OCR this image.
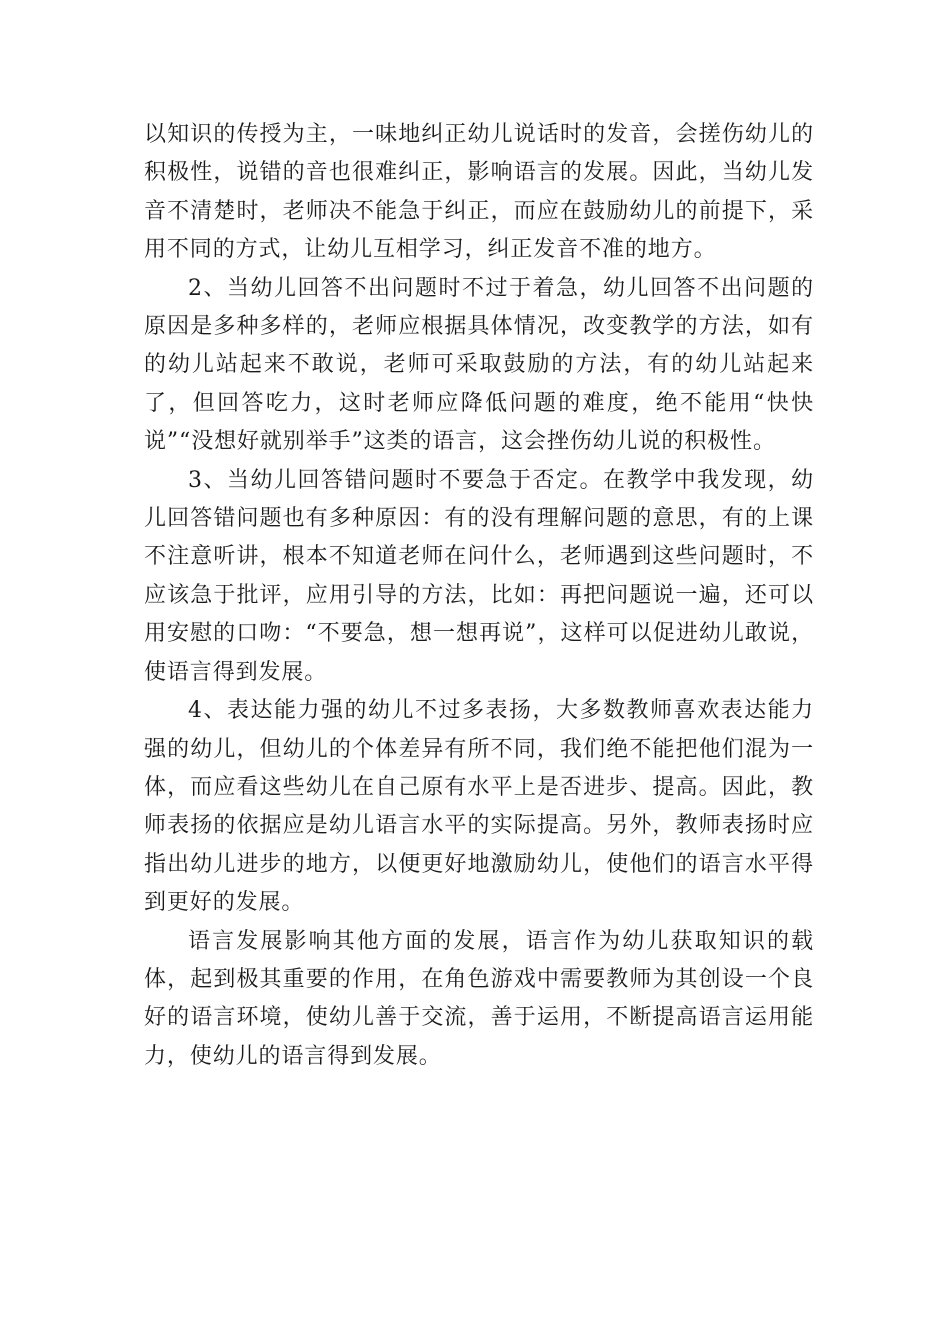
以知识的传授为主，一味地纠正幼儿说话时的发音，会搓伤幼儿的积极性，说错的音也很难纠正，影响语言的发展。因此，当幼儿发音不清楚时，老师决不能急于纠正，而应在鼓励幼儿的前提下，采用不同的方式，让幼儿互相学习，纠正发音不准的地方。

2、当幼儿回答不出问题时不过于着急，幼儿回答不出问题的原因是多种多样的，老师应根据具体情况，改变教学的方法，如有的幼儿站起来不敢说，老师可采取鼓励的方法，有的幼儿站起来了，但回答吃力，这时老师应降低问题的难度，绝不能用“快快说”“没想好就别举手”这类的语言，这会挫伤幼儿说的积极性。

3、当幼儿回答错问题时不要急于否定。在教学中我发现，幼儿回答错问题也有多种原因：有的没有理解问题的意思，有的上课不注意听讲，根本不知道老师在问什么，老师遇到这些问题时，不应该急于批评，应用引导的方法，比如：再把问题说一遍，还可以用安慰的口吻：“不要急，想一想再说”，这样可以促进幼儿敢说，使语言得到发展。

4、表达能力强的幼儿不过多表扬，大多数教师喜欢表达能力强的幼儿，但幼儿的个体差异有所不同，我们绝不能把他们混为一体，而应看这些幼儿在自己原有水平上是否进步、提高。因此，教师表扬的依据应是幼儿语言水平的实际提高。另外，教师表扬时应指出幼儿进步的地方，以便更好地激励幼儿，使他们的语言水平得到更好的发展。

语言发展影响其他方面的发展，语言作为幼儿获取知识的载体，起到极其重要的作用，在角色游戏中需要教师为其创设一个良好的语言环境，使幼儿善于交流，善于运用，不断提高语言运用能力，使幼儿的语言得到发展。
